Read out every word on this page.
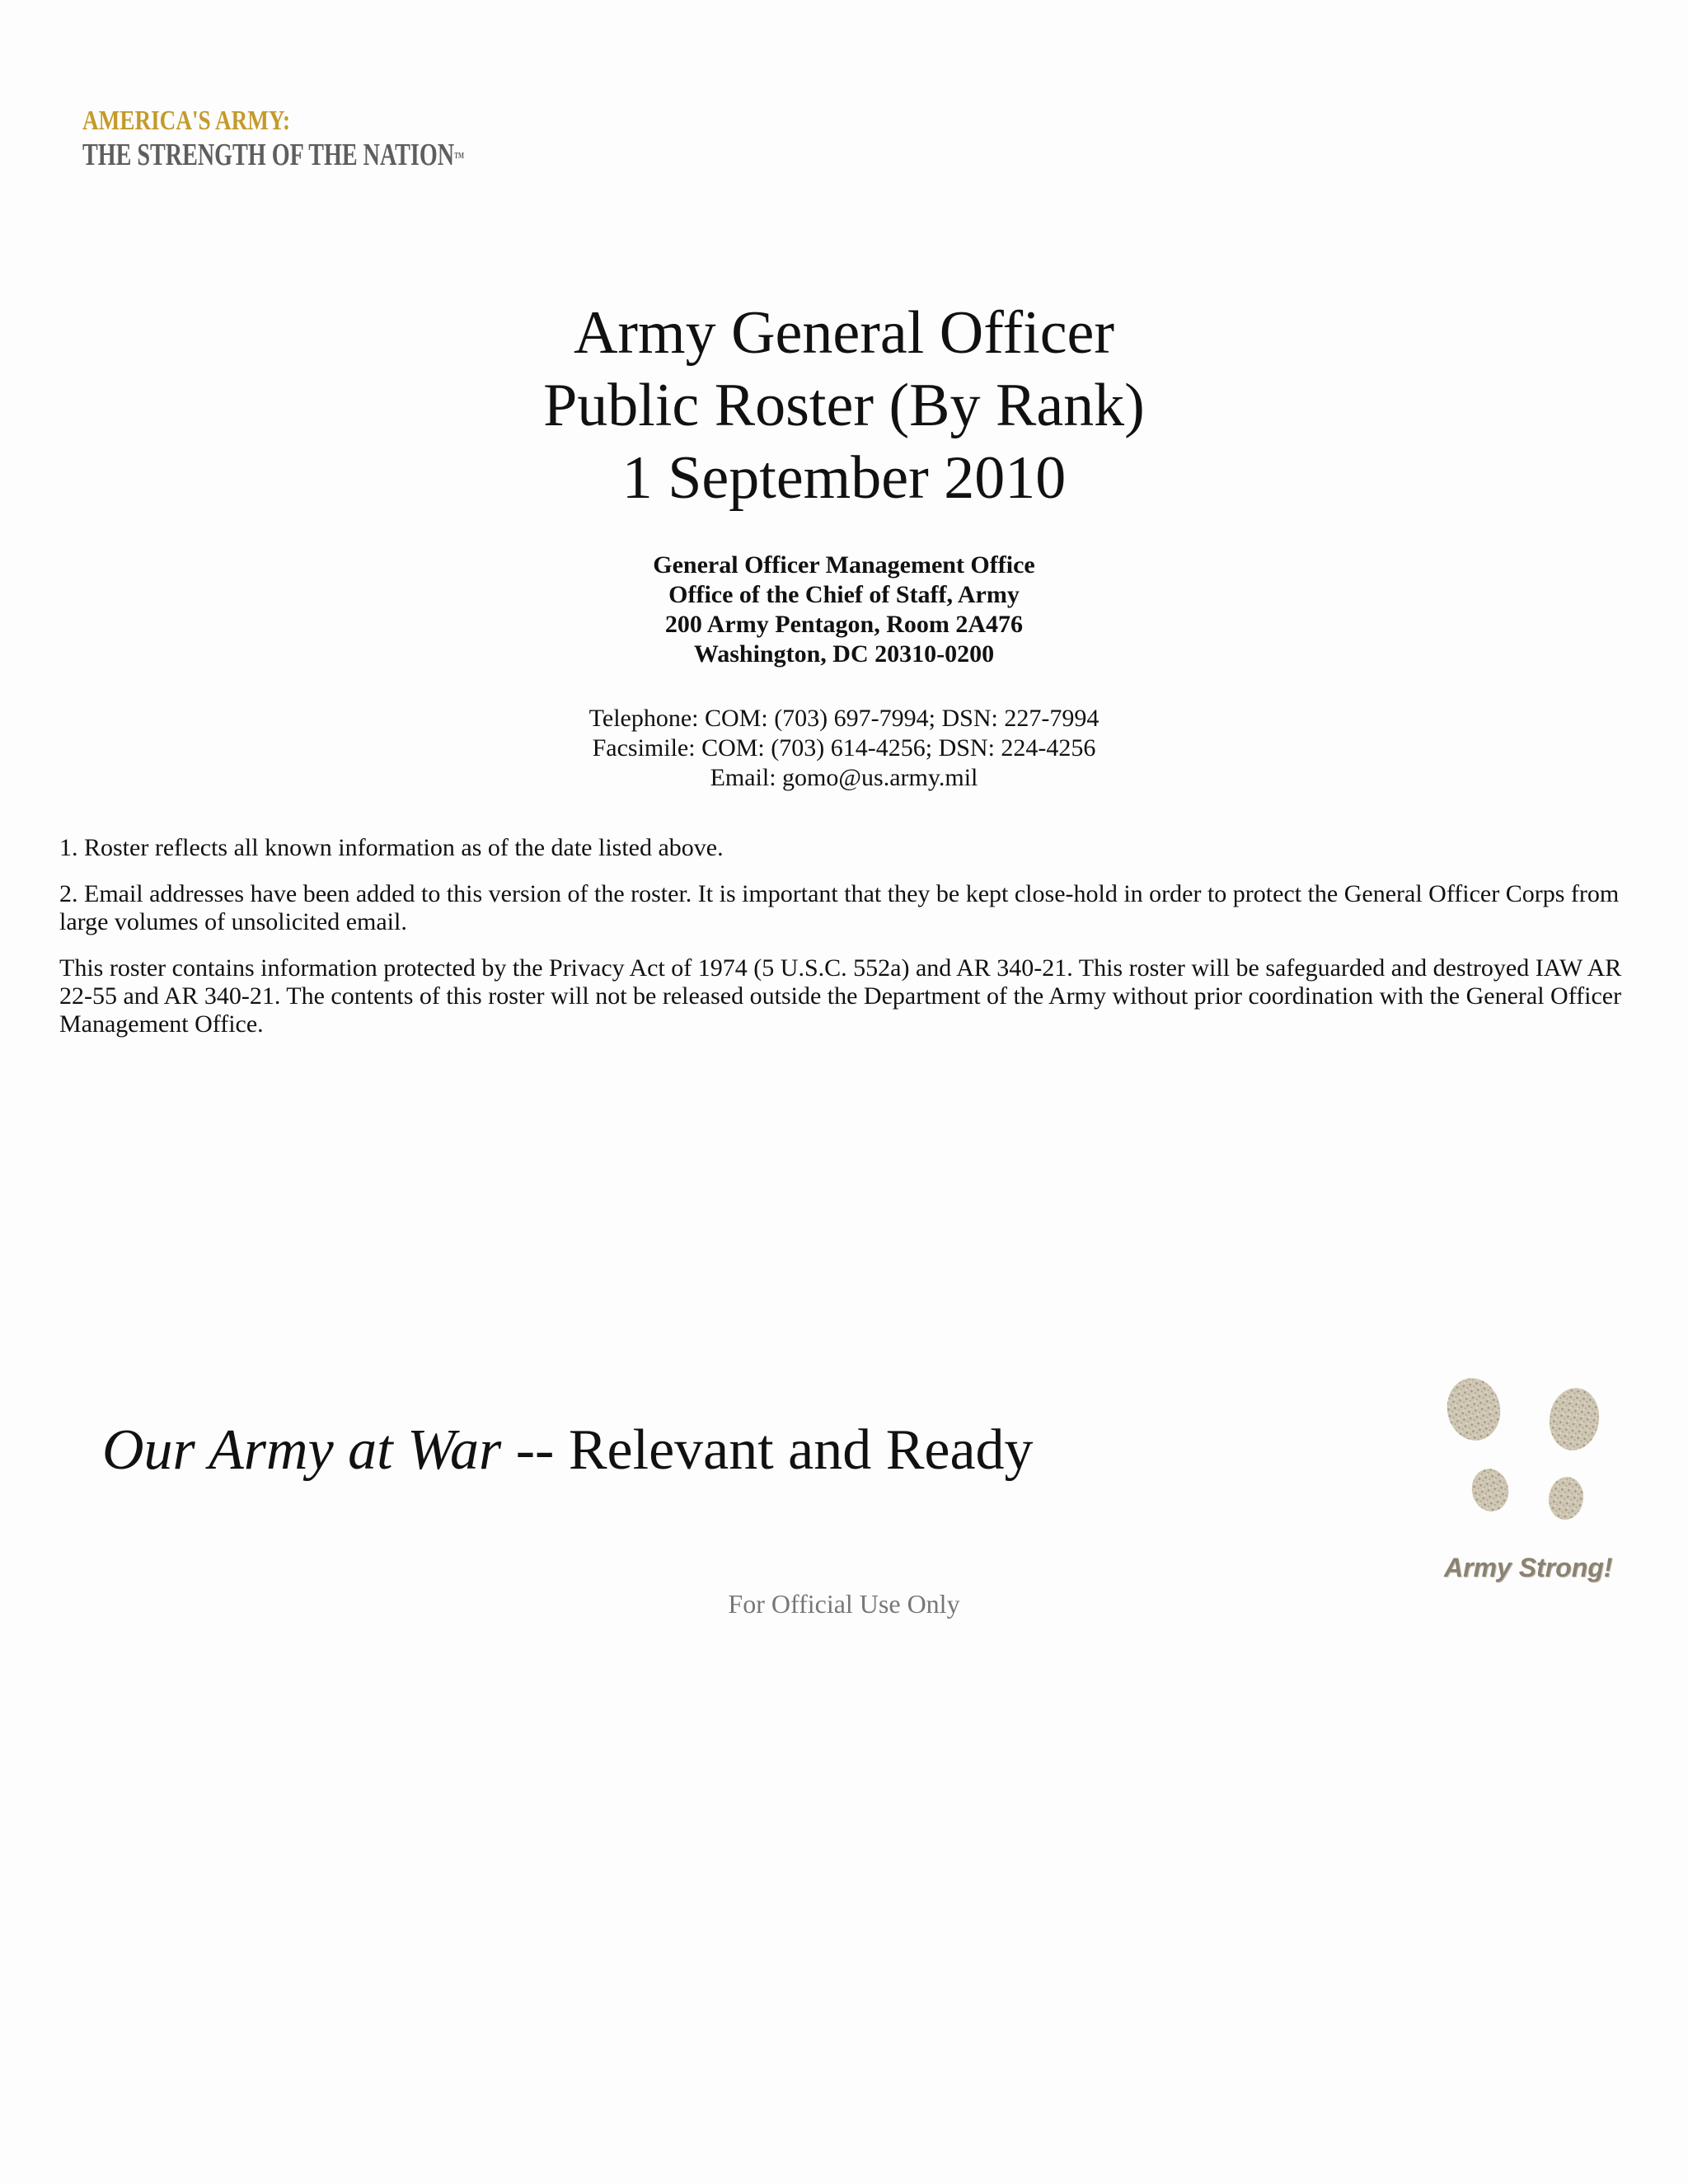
AMERICA'S ARMY:
THE STRENGTH OF THE NATION™
Army General Officer
Public Roster (By Rank)
1 September 2010
General Officer Management Office
Office of the Chief of Staff, Army
200 Army Pentagon, Room 2A476
Washington, DC 20310-0200
Telephone: COM: (703) 697-7994; DSN: 227-7994
Facsimile: COM: (703) 614-4256; DSN: 224-4256
Email: gomo@us.army.mil

1. Roster reflects all known information as of the date listed above.

2. Email addresses have been added to this version of the roster. It is important that they be kept close-hold in order to protect the General Officer Corps from large volumes of unsolicited email.

This roster contains information protected by the Privacy Act of 1974 (5 U.S.C. 552a) and AR 340-21. This roster will be safeguarded and destroyed IAW AR 22-55 and AR 340-21. The contents of this roster will not be released outside the Department of the Army without prior coordination with the General Officer Management Office.

Our Army at War -- Relevant and Ready
Army Strong!
For Official Use Only
